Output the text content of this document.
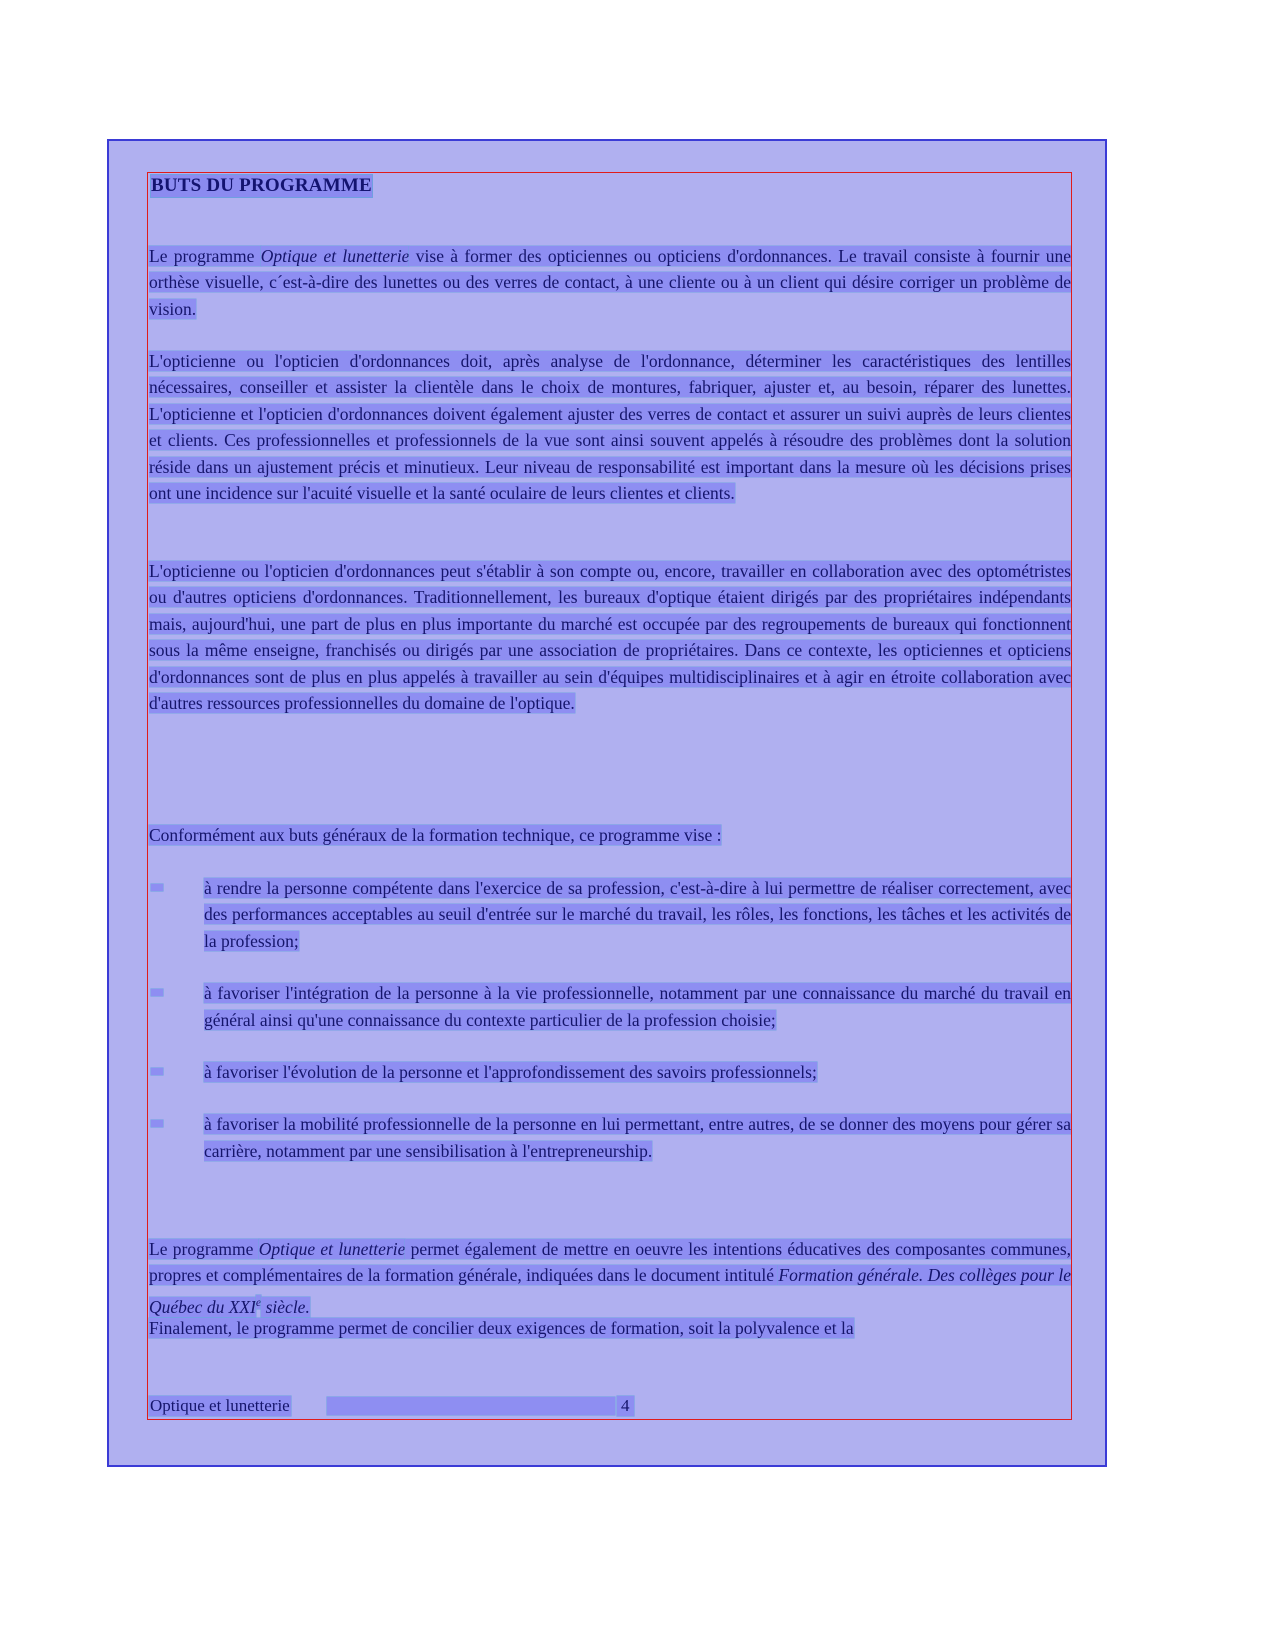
BUTS DU PROGRAMME

Le programme Optique et lunetterie vise à former des opticiennes ou opticiens d'ordonnances. Le travail consiste à fournir une orthèse visuelle, c´est-à-dire des lunettes ou des verres de contact, à une cliente ou à un client qui désire corriger un problème de vision.

L'opticienne ou l'opticien d'ordonnances doit, après analyse de l'ordonnance, déterminer les caractéristiques des lentilles nécessaires, conseiller et assister la clientèle dans le choix de montures, fabriquer, ajuster et, au besoin, réparer des lunettes. L'opticienne et l'opticien d'ordonnances doivent également ajuster des verres de contact et assurer un suivi auprès de leurs clientes et clients. Ces professionnelles et professionnels de la vue sont ainsi souvent appelés à résoudre des problèmes dont la solution réside dans un ajustement précis et minutieux. Leur niveau de responsabilité est important dans la mesure où les décisions prises ont une incidence sur l'acuité visuelle et la santé oculaire de leurs clientes et clients.

L'opticienne ou l'opticien d'ordonnances peut s'établir à son compte ou, encore, travailler en collaboration avec des optométristes ou d'autres opticiens d'ordonnances. Traditionnellement, les bureaux d'optique étaient dirigés par des propriétaires indépendants mais, aujourd'hui, une part de plus en plus importante du marché est occupée par des regroupements de bureaux qui fonctionnent sous la même enseigne, franchisés ou dirigés par une association de propriétaires. Dans ce contexte, les opticiennes et opticiens d'ordonnances sont de plus en plus appelés à travailler au sein d'équipes multidisciplinaires et à agir en étroite collaboration avec d'autres ressources professionnelles du domaine de l'optique.

Conformément aux buts généraux de la formation technique, ce programme vise :

à rendre la personne compétente dans l'exercice de sa profession, c'est-à-dire à lui permettre de réaliser correctement, avec des performances acceptables au seuil d'entrée sur le marché du travail, les rôles, les fonctions, les tâches et les activités de la profession;
à favoriser l'intégration de la personne à la vie professionnelle, notamment par une connaissance du marché du travail en général ainsi qu'une connaissance du contexte particulier de la profession choisie;
à favoriser l'évolution de la personne et l'approfondissement des savoirs professionnels;
à favoriser la mobilité professionnelle de la personne en lui permettant, entre autres, de se donner des moyens pour gérer sa carrière, notamment par une sensibilisation à l'entrepreneurship.

Le programme Optique et lunetterie permet également de mettre en oeuvre les intentions éducatives des composantes communes, propres et complémentaires de la formation générale, indiquées dans le document intitulé Formation générale. Des collèges pour le Québec du XXIe siècle.

Finalement, le programme permet de concilier deux exigences de formation, soit la polyvalence et la

Optique et lunetterie	4
